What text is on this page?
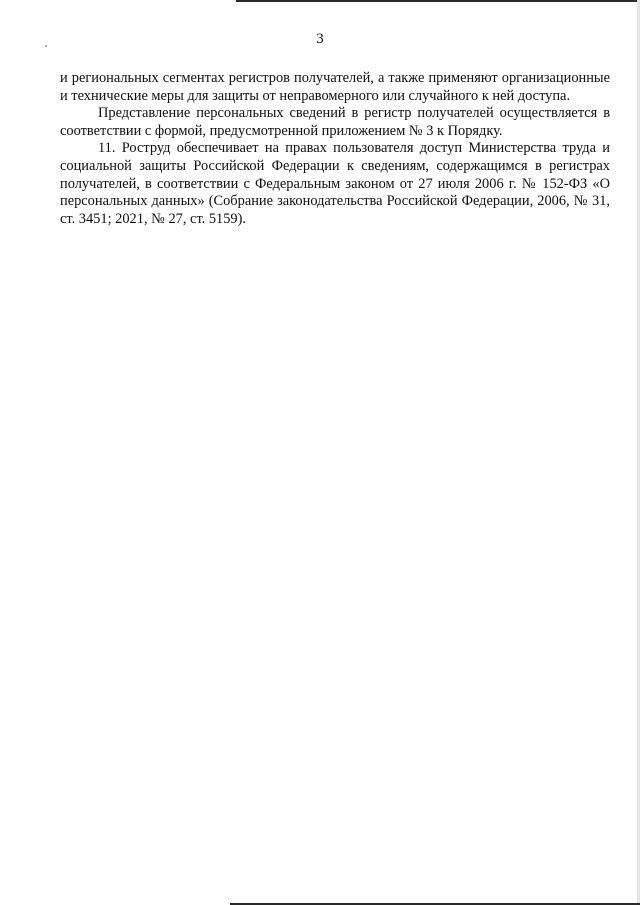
3

и региональных сегментах регистров получателей, а также применяют организационные и технические меры для защиты от неправомерного или случайного к ней доступа.

Представление персональных сведений в регистр получателей осуществляется в соответствии с формой, предусмотренной приложением № 3 к Порядку.

11. Роструд обеспечивает на правах пользователя доступ Министерства труда и социальной защиты Российской Федерации к сведениям, содержащимся в регистрах получателей, в соответствии с Федеральным законом от 27 июля 2006 г. № 152-ФЗ «О персональных данных» (Собрание законодательства Российской Федерации, 2006, № 31, ст. 3451; 2021, № 27, ст. 5159).
